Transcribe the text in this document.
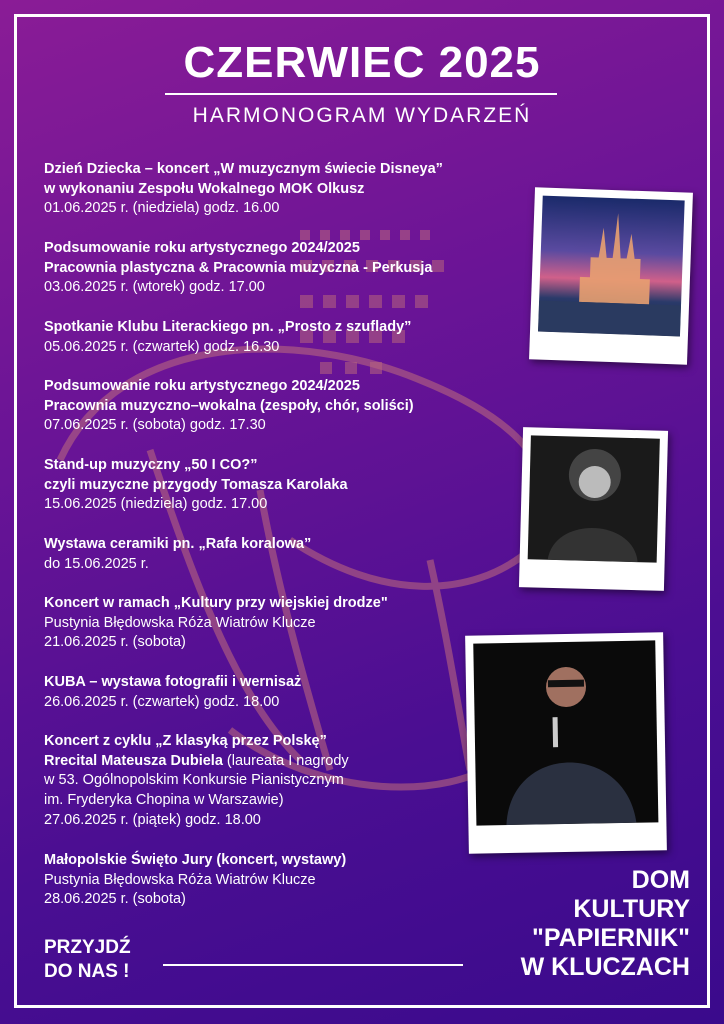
CZERWIEC 2025
HARMONOGRAM WYDARZEŃ
Dzień Dziecka – koncert „W muzycznym świecie Disneya”
w wykonaniu Zespołu Wokalnego MOK Olkusz
01.06.2025 r. (niedziela) godz. 16.00
Podsumowanie roku artystycznego 2024/2025
Pracownia plastyczna & Pracownia muzyczna - Perkusja
03.06.2025 r. (wtorek) godz. 17.00
Spotkanie Klubu Literackiego pn. „Prosto z szuflady”
05.06.2025 r. (czwartek) godz. 16.30
Podsumowanie roku artystycznego 2024/2025
Pracownia muzyczno–wokalna (zespoły, chór, soliści)
07.06.2025 r. (sobota) godz. 17.30
Stand-up muzyczny „50 I CO?”
czyli muzyczne przygody Tomasza Karolaka
15.06.2025 (niedziela) godz. 17.00
Wystawa ceramiki pn. „Rafa koralowa”
do 15.06.2025 r.
Koncert w ramach „Kultury przy wiejskiej drodze"
Pustynia Błędowska Róża Wiatrów Klucze
21.06.2025 r. (sobota)
KUBA – wystawa fotografii i wernisaż
26.06.2025 r. (czwartek) godz. 18.00
Koncert z cyklu „Z klasyką przez Polskę”
Rrecital Mateusza Dubiela (laureata I nagrody
w 53. Ogólnopolskim Konkursie Pianistycznym
im. Fryderyka Chopina w Warszawie)
27.06.2025 r. (piątek) godz. 18.00
Małopolskie Święto Jury (koncert, wystawy)
Pustynia Błędowska Róża Wiatrów Klucze
28.06.2025 r. (sobota)
PRZYJDŹ
DO NAS !
DOM
KULTURY
"PAPIERNIK"
W KLUCZACH
